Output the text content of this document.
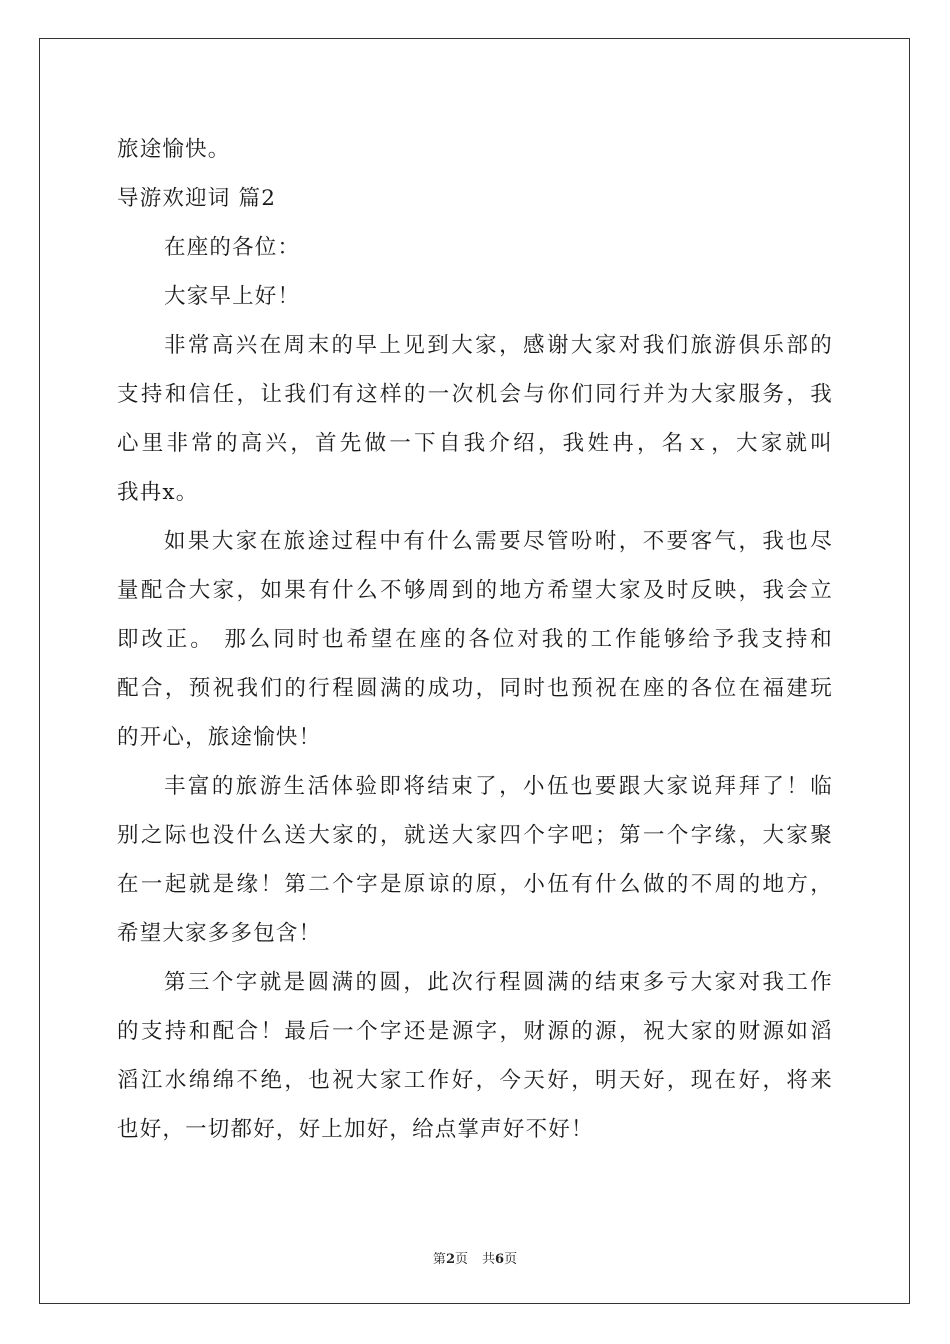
旅途愉快。
导游欢迎词 篇2
在座的各位：
大家早上好！
非常高兴在周末的早上见到大家，感谢大家对我们旅游俱乐部的
支持和信任，让我们有这样的一次机会与你们同行并为大家服务，我
心里非常的高兴，首先做一下自我介绍，我姓冉，名ｘ，大家就叫
我冉x。
如果大家在旅途过程中有什么需要尽管吩咐，不要客气，我也尽
量配合大家，如果有什么不够周到的地方希望大家及时反映，我会立
即改正。 那么同时也希望在座的各位对我的工作能够给予我支持和
配合，预祝我们的行程圆满的成功，同时也预祝在座的各位在福建玩
的开心，旅途愉快！
丰富的旅游生活体验即将结束了，小伍也要跟大家说拜拜了！临
别之际也没什么送大家的，就送大家四个字吧；第一个字缘，大家聚
在一起就是缘！第二个字是原谅的原，小伍有什么做的不周的地方，
希望大家多多包含！
第三个字就是圆满的圆，此次行程圆满的结束多亏大家对我工作
的支持和配合！最后一个字还是源字，财源的源，祝大家的财源如滔
滔江水绵绵不绝，也祝大家工作好，今天好，明天好，现在好，将来
也好，一切都好，好上加好，给点掌声好不好！
第2页 共6页
